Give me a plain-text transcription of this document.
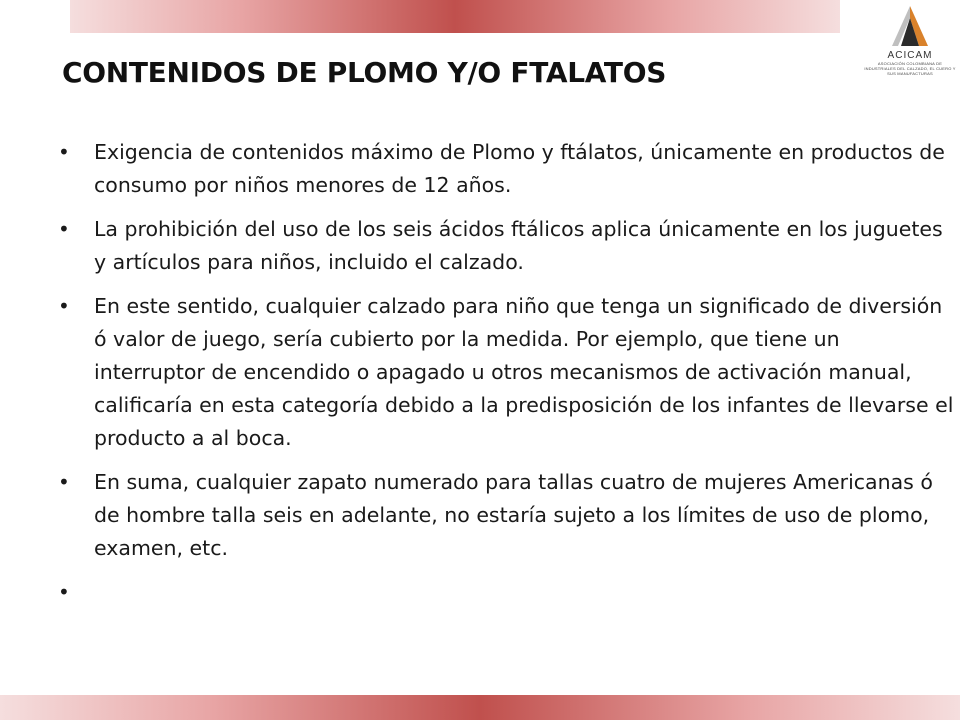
ACICAM
ASOCIACIÓN COLOMBIANA DE INDUSTRIALES DEL CALZADO, EL CUERO Y SUS MANUFACTURAS
CONTENIDOS DE PLOMO Y/O FTALATOS
• Exigencia de contenidos máximo de Plomo y ftálatos, únicamente en productos de consumo por niños menores de 12 años.
• La prohibición del uso de los seis ácidos ftálicos aplica únicamente en los juguetes y artículos para niños, incluido el calzado.
• En este sentido, cualquier calzado para niño que tenga un significado de diversión ó valor de juego, sería cubierto por la medida. Por ejemplo, que tiene un interruptor de encendido o apagado u otros mecanismos de activación manual, calificaría en esta categoría debido a la predisposición de los infantes de llevarse el producto a al boca.
• En suma, cualquier zapato numerado para tallas cuatro de mujeres Americanas ó de hombre talla seis en adelante, no estaría sujeto a los límites de uso de plomo, examen, etc.
•
